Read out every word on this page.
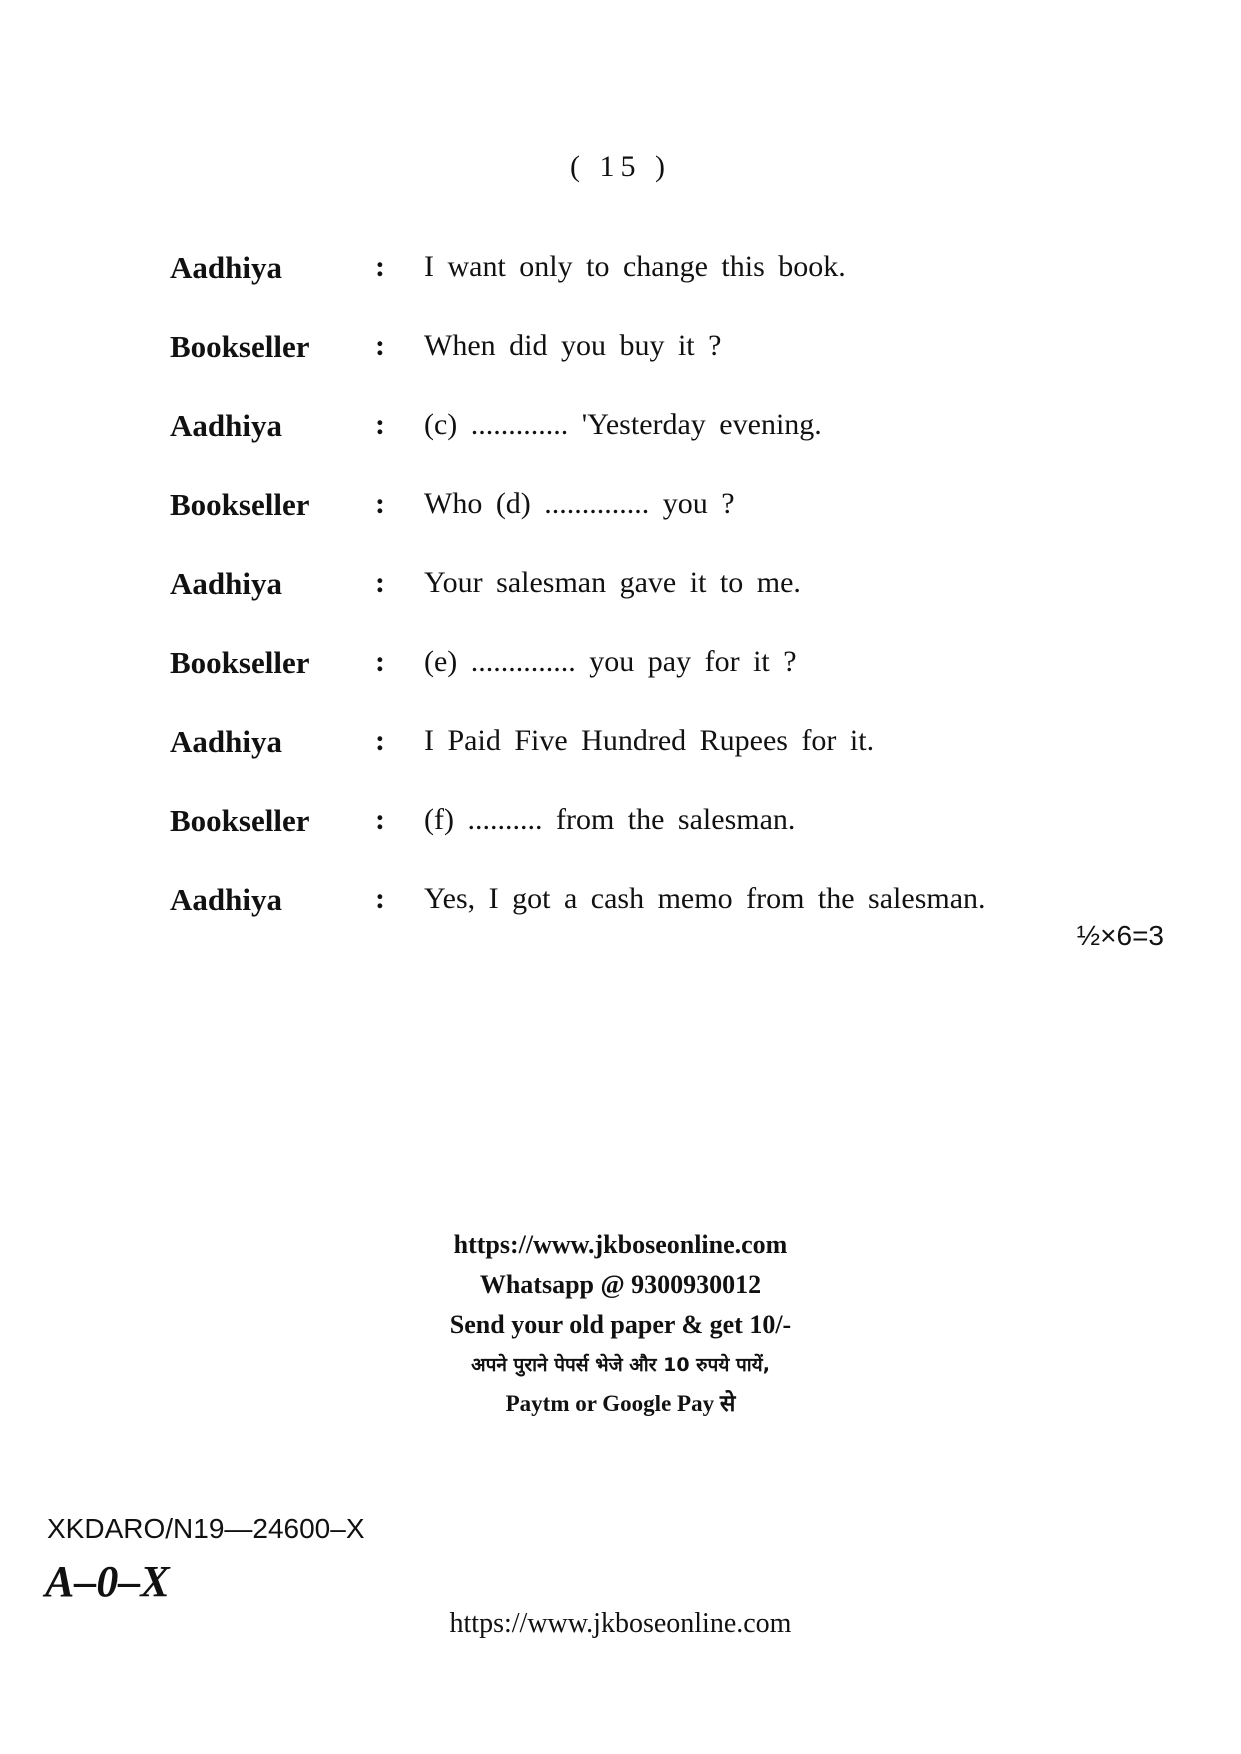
( 15 )
Aadhiya	: I want only to change this book.
Bookseller : When did you buy it ?
Aadhiya	: (c) ............. 'Yesterday evening.
Bookseller : Who (d) .............. you ?
Aadhiya	: Your salesman gave it to me.
Bookseller : (e) .............. you pay for it ?
Aadhiya	: I Paid Five Hundred Rupees for it.
Bookseller : (f) .......... from the salesman.
Aadhiya	: Yes, I got a cash memo from the salesman.
½×6=3

https://www.jkboseonline.com

Whatsapp @ 9300930012

Send your old paper & get 10/-

अपने पुराने पेपर्स भेजे और 10 रुपये पायें,

Paytm or Google Pay से

XKDARO/N19—24600–X
A–0–X
https://www.jkboseonline.com
